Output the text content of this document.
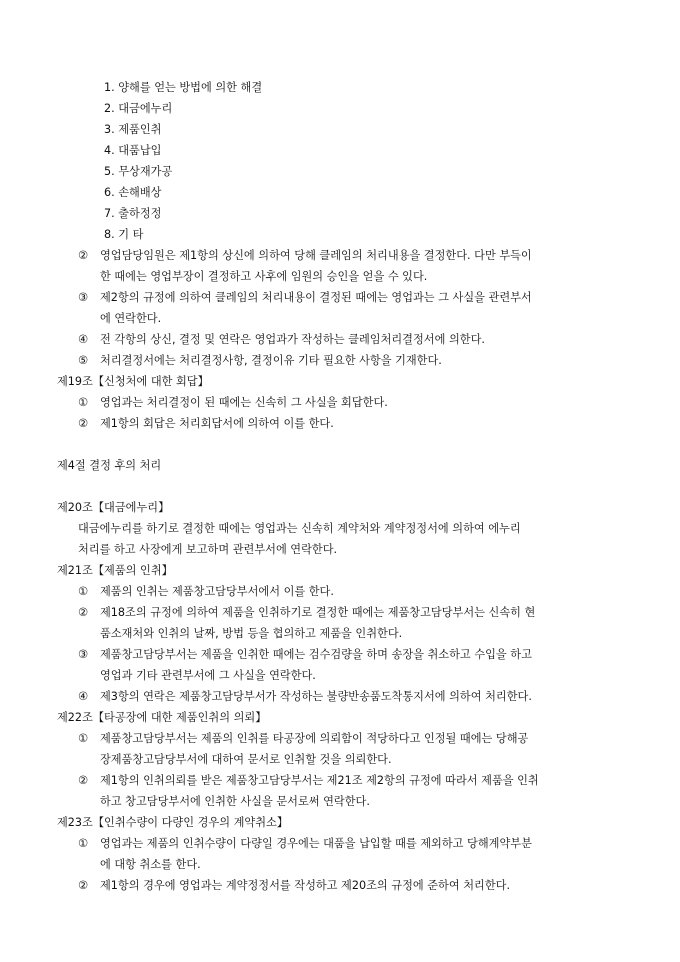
1. 양해를 얻는 방법에 의한 해결
2. 대금에누리
3. 제품인취
4. 대품납입
5. 무상재가공
6. 손해배상
7. 출하정정
8. 기 타
② 영업담당임원은 제1항의 상신에 의하여 당해 클레임의 처리내용을 결정한다. 다만 부득이
한 때에는 영업부장이 결정하고 사후에 임원의 승인을 얻을 수 있다.
③ 제2항의 규정에 의하여 클레임의 처리내용이 결정된 때에는 영업과는 그 사실을 관련부서
에 연락한다.
④ 전 각항의 상신, 결정 및 연락은 영업과가 작성하는 클레임처리결정서에 의한다.
⑤ 처리결정서에는 처리결정사항, 결정이유 기타 필요한 사항을 기재한다.
제19조【신청처에 대한 회답】
① 영업과는 처리결정이 된 때에는 신속히 그 사실을 회답한다.
② 제1항의 회답은 처리회답서에 의하여 이를 한다.
제4절 결정 후의 처리
제20조【대금에누리】
대금에누리를 하기로 결정한 때에는 영업과는 신속히 계약처와 계약정정서에 의하여 에누리
처리를 하고 사장에게 보고하며 관련부서에 연락한다.
제21조【제품의 인취】
① 제품의 인취는 제품창고담당부서에서 이를 한다.
② 제18조의 규정에 의하여 제품을 인취하기로 결정한 때에는 제품창고담당부서는 신속히 현
품소재처와 인취의 날짜, 방법 등을 협의하고 제품을 인취한다.
③ 제품창고담당부서는 제품을 인취한 때에는 검수검량을 하며 송장을 취소하고 수입을 하고
영업과 기타 관련부서에 그 사실을 연락한다.
④ 제3항의 연락은 제품창고담당부서가 작성하는 불량반송품도착통지서에 의하여 처리한다.
제22조【타공장에 대한 제품인취의 의뢰】
① 제품창고담당부서는 제품의 인취를 타공장에 의뢰함이 적당하다고 인정될 때에는 당해공
장제품창고담당부서에 대하여 문서로 인취할 것을 의뢰한다.
② 제1항의 인취의뢰를 받은 제품창고담당부서는 제21조 제2항의 규정에 따라서 제품을 인취
하고 창고담당부서에 인취한 사실을 문서로써 연락한다.
제23조【인취수량이 다량인 경우의 계약취소】
① 영업과는 제품의 인취수량이 다량일 경우에는 대품을 납입할 때를 제외하고 당해계약부분
에 대항 취소를 한다.
② 제1항의 경우에 영업과는 계약정정서를 작성하고 제20조의 규정에 준하여 처리한다.
